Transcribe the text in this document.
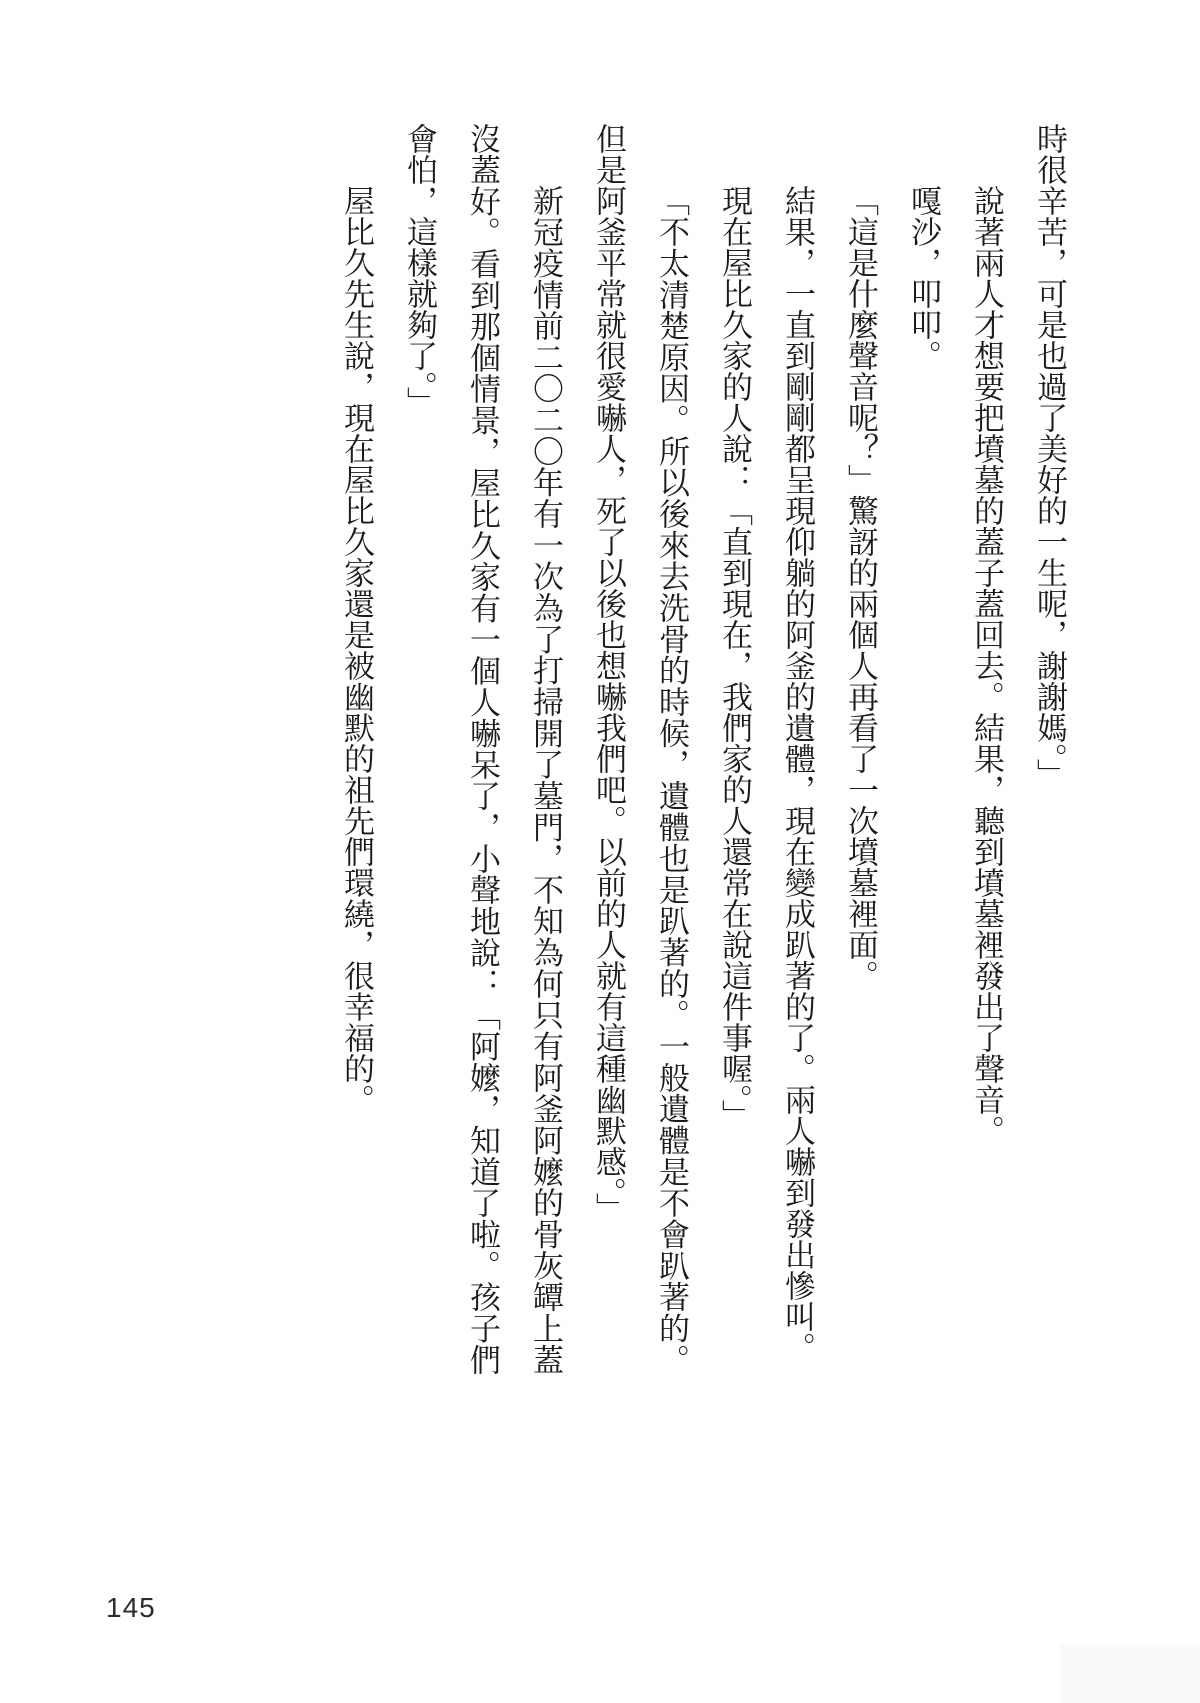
時很辛苦，可是也過了美好的一生呢，謝謝媽。」

說著兩人才想要把墳墓的蓋子蓋回去。結果，聽到墳墓裡發出了聲音。

嘎沙，叩叩。

「這是什麼聲音呢？」驚訝的兩個人再看了一次墳墓裡面。

結果，一直到剛剛都呈現仰躺的阿釜的遺體，現在變成趴著的了。兩人嚇到發出慘叫。

現在屋比久家的人說：「直到現在，我們家的人還常在說這件事喔。」

「不太清楚原因。所以後來去洗骨的時候，遺體也是趴著的。一般遺體是不會趴著的。但是阿釜平常就很愛嚇人，死了以後也想嚇我們吧。以前的人就有這種幽默感。」

新冠疫情前二〇二〇年有一次為了打掃開了墓門，不知為何只有阿釜阿嬤的骨灰罈上蓋沒蓋好。看到那個情景，屋比久家有一個人嚇呆了，小聲地說：「阿嬤，知道了啦。孩子們會怕，這樣就夠了。」

屋比久先生說，現在屋比久家還是被幽默的祖先們環繞，很幸福的。

145
